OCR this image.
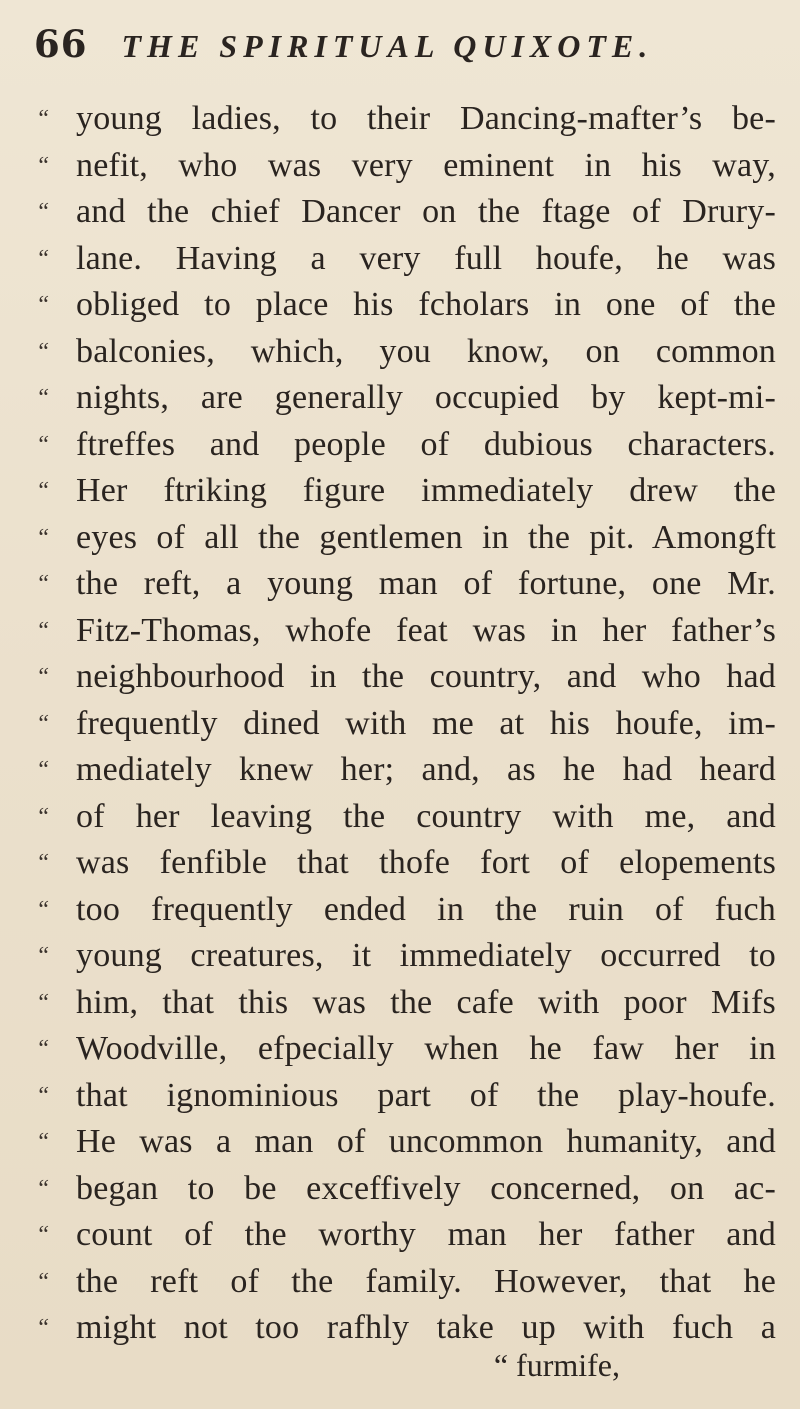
66 THE SPIRITUAL QUIXOTE.
“ young ladies, to their Dancing-mafter’s be-
“ nefit, who was very eminent in his way,
“ and the chief Dancer on the ftage of Drury-
“ lane. Having a very full houfe, he was
“ obliged to place his fcholars in one of the
“ balconies, which, you know, on common
“ nights, are generally occupied by kept-mi-
“ ftreffes and people of dubious characters.
“ Her ftriking figure immediately drew the
“ eyes of all the gentlemen in the pit. Amongft
“ the reft, a young man of fortune, one Mr.
“ Fitz-Thomas, whofe feat was in her father’s
“ neighbourhood in the country, and who had
“ frequently dined with me at his houfe, im-
“ mediately knew her; and, as he had heard
“ of her leaving the country with me, and
“ was fenfible that thofe fort of elopements
“ too frequently ended in the ruin of fuch
“ young creatures, it immediately occurred to
“ him, that this was the cafe with poor Mifs
“ Woodville, efpecially when he faw her in
“ that ignominious part of the play-houfe.
“ He was a man of uncommon humanity, and
“ began to be exceffively concerned, on ac-
“ count of the worthy man her father and
“ the reft of the family. However, that he
“ might not too rafhly take up with fuch a
“ furmife,
